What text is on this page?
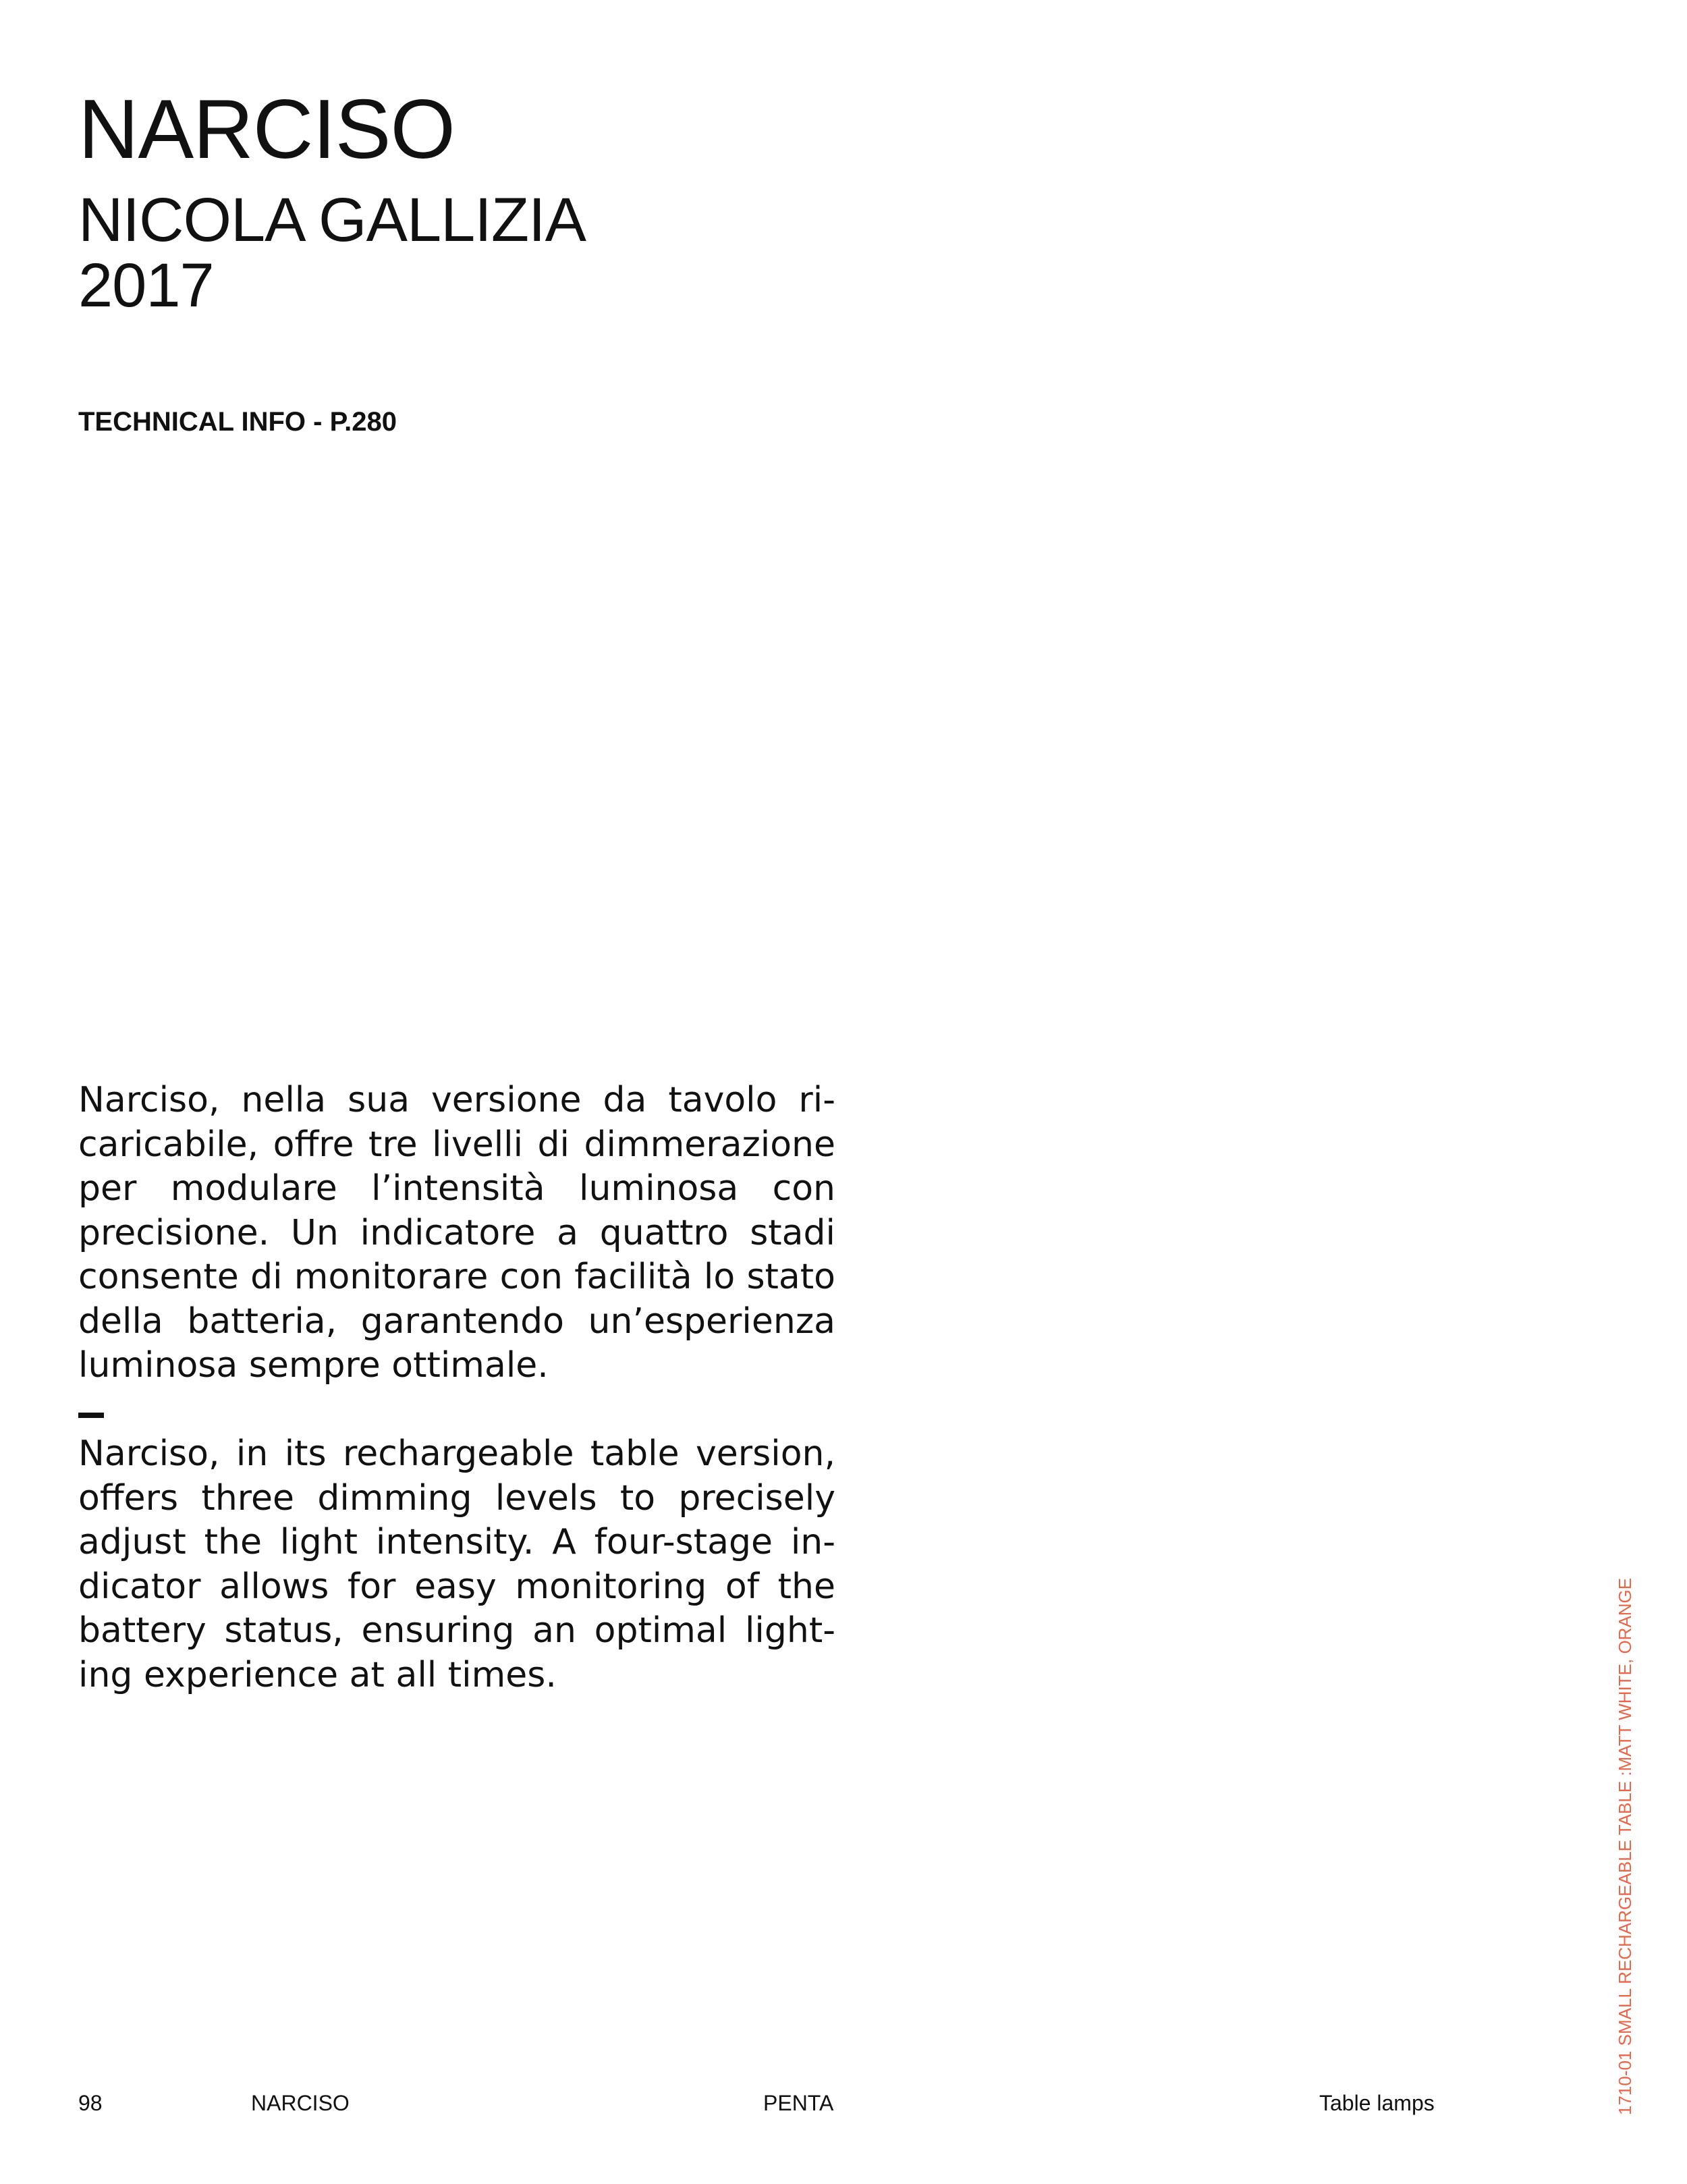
NARCISO
NICOLA GALLIZIA
2017

TECHNICAL INFO - P.280

Narciso, nella sua versione da tavolo ricaricabile, offre tre livelli di dimmerazione per modulare l’intensità luminosa con precisione. Un indicatore a quattro stadi consente di monitorare con facilità lo stato della batteria, garantendo un’esperienza luminosa sempre ottimale.

Narciso, in its rechargeable table version, offers three dimming levels to precisely adjust the light intensity. A four-stage indicator allows for easy monitoring of the battery status, ensuring an optimal lighting experience at all times.

98	NARCISO	PENTA	Table lamps	1710-01 SMALL RECHARGEABLE TABLE :MATT WHITE, ORANGE
